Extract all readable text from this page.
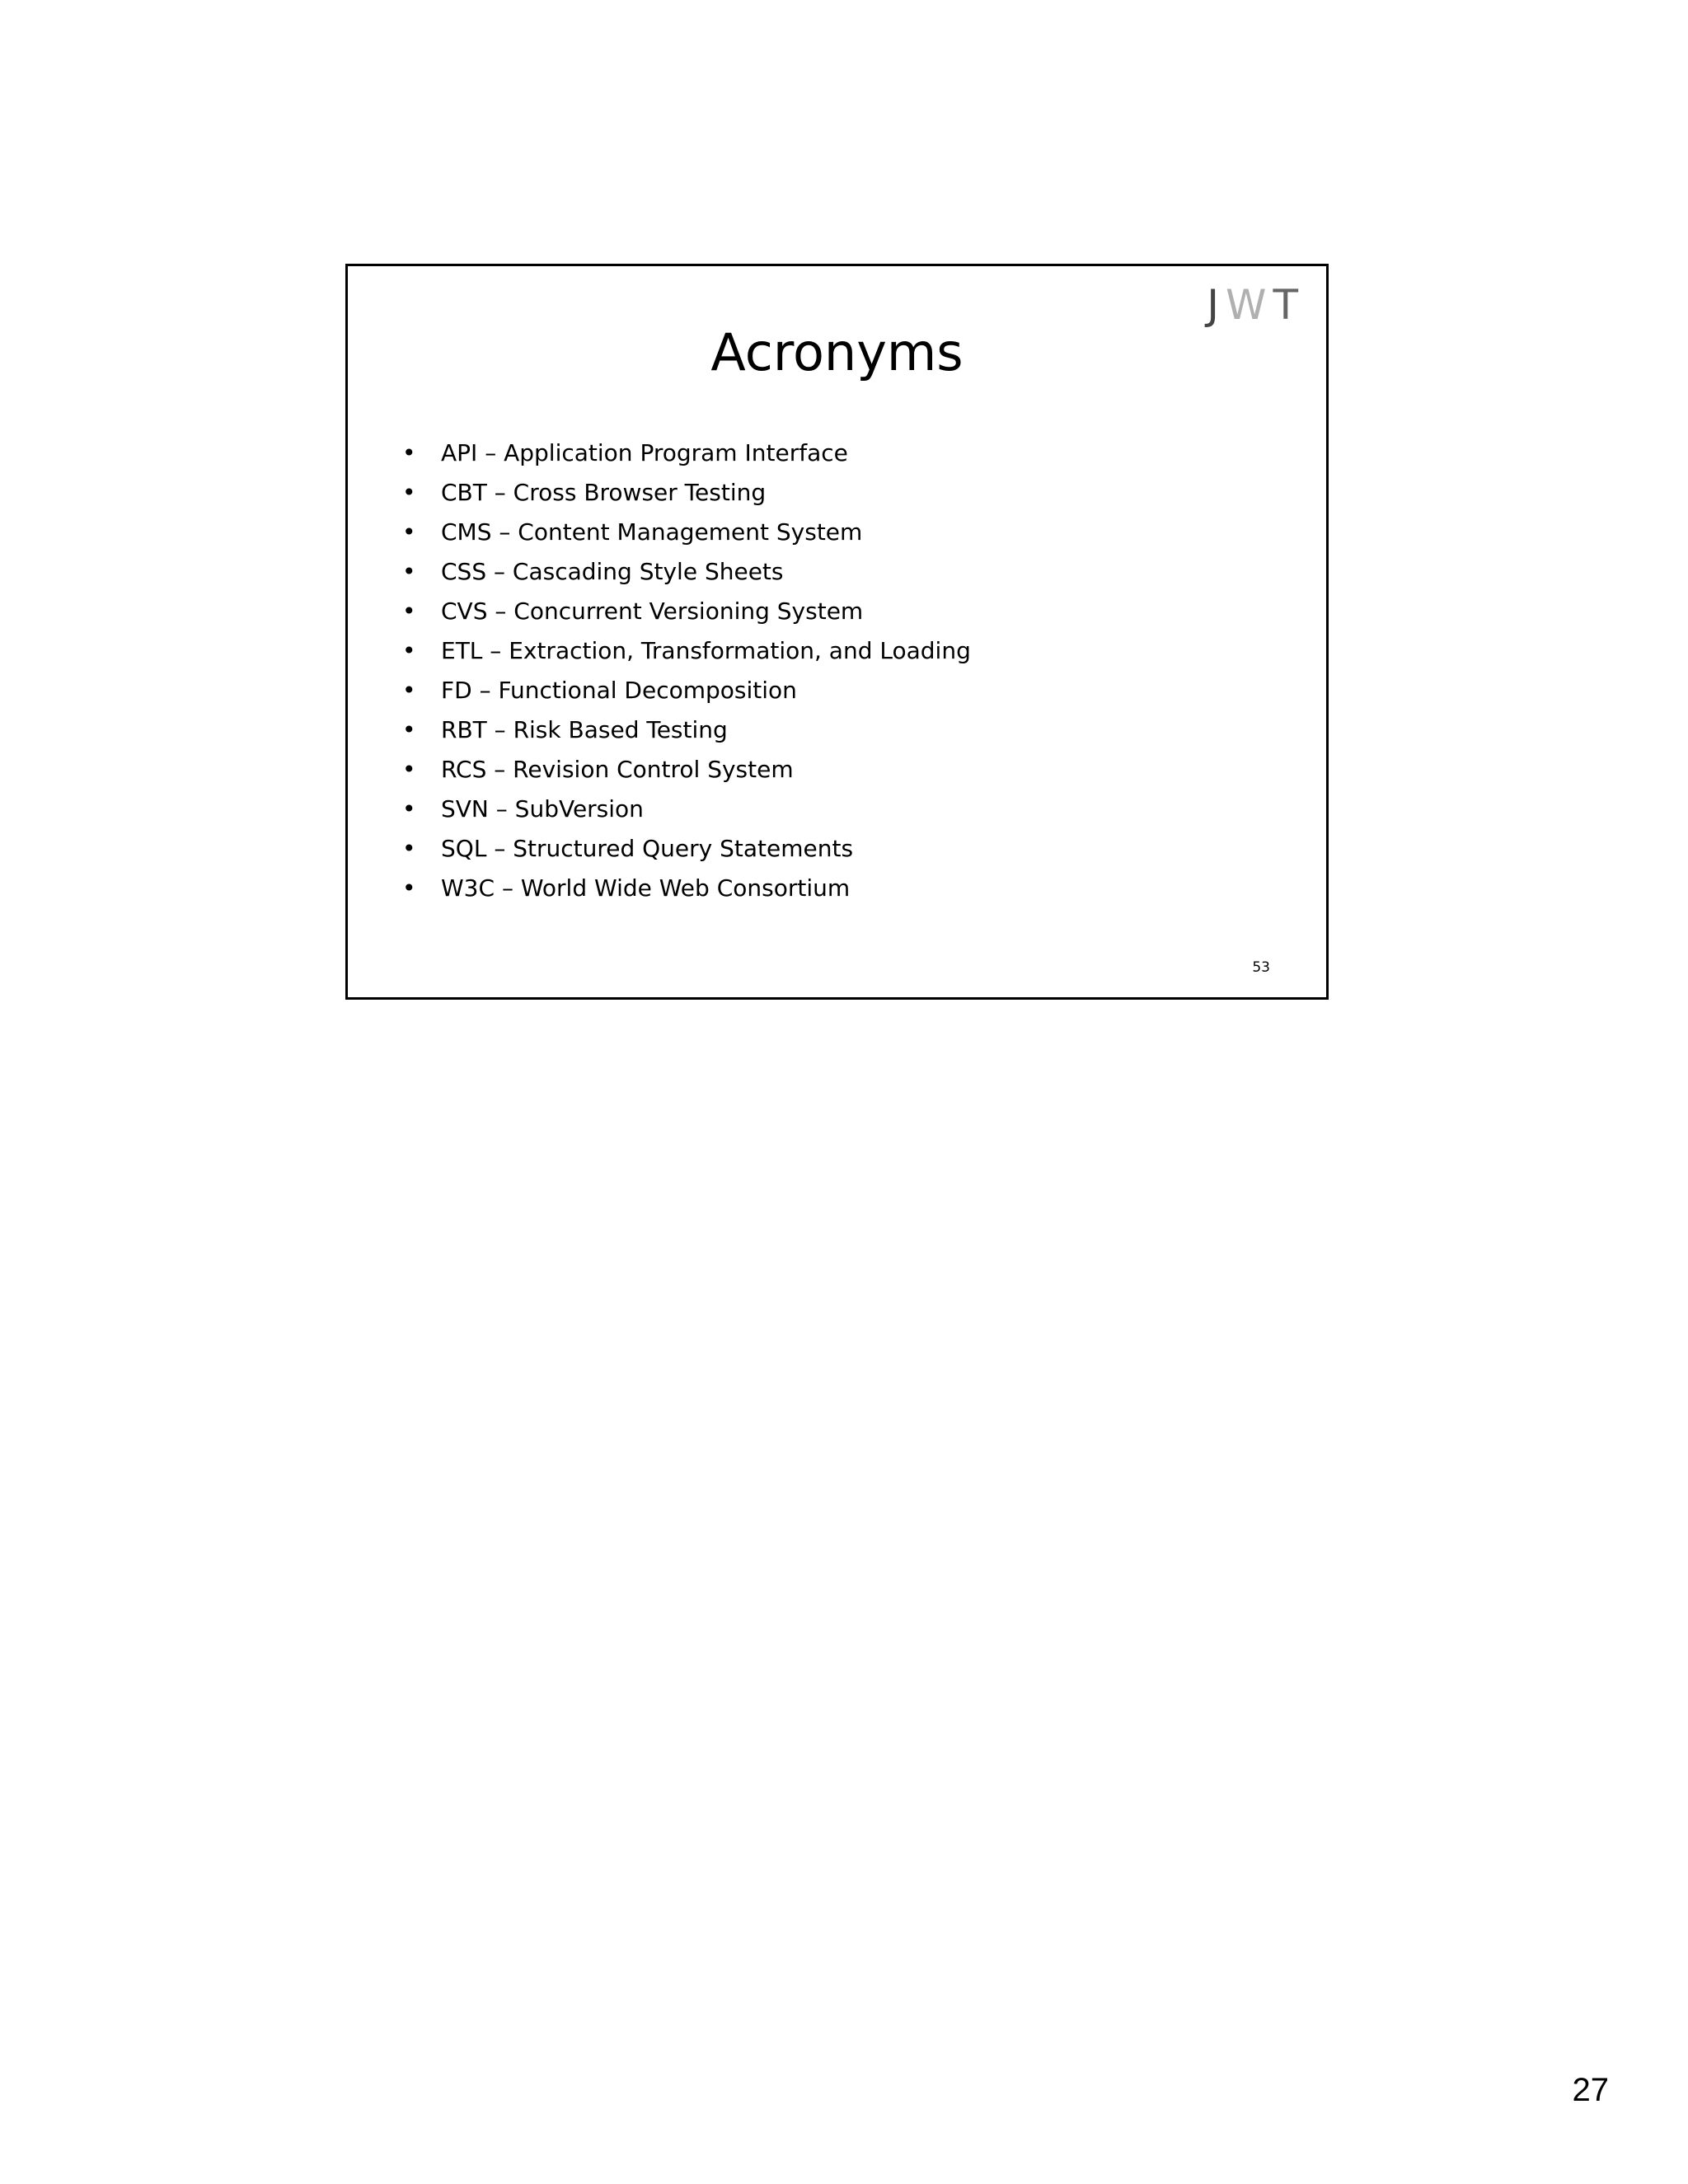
J W T
Acronyms
•	API – Application Program Interface
•	CBT – Cross Browser Testing
•	CMS – Content Management System
•	CSS – Cascading Style Sheets
•	CVS – Concurrent Versioning System
•	ETL – Extraction, Transformation, and Loading
•	FD – Functional Decomposition
•	RBT – Risk Based Testing
•	RCS – Revision Control System
•	SVN – SubVersion
•	SQL – Structured Query Statements
•	W3C – World Wide Web Consortium
53
27
